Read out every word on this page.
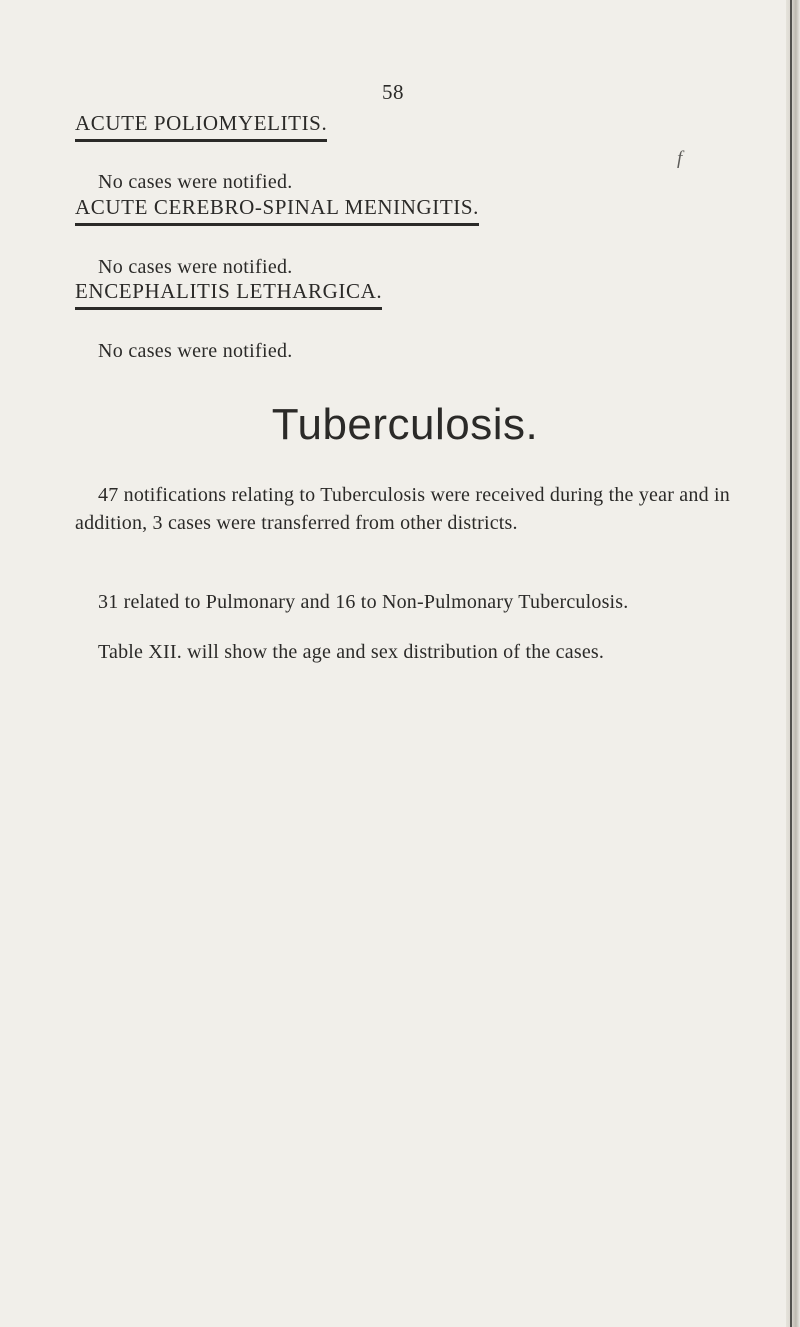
58
f
ACUTE POLIOMYELITIS.
No cases were notified.
ACUTE CEREBRO-SPINAL MENINGITIS.
No cases were notified.
ENCEPHALITIS LETHARGICA.
No cases were notified.
Tuberculosis.

47 notifications relating to Tuberculosis were received during the year and in addition, 3 cases were transferred from other districts.

31 related to Pulmonary and 16 to Non-Pulmonary Tuberculosis.

Table XII. will show the age and sex distribution of the cases.
